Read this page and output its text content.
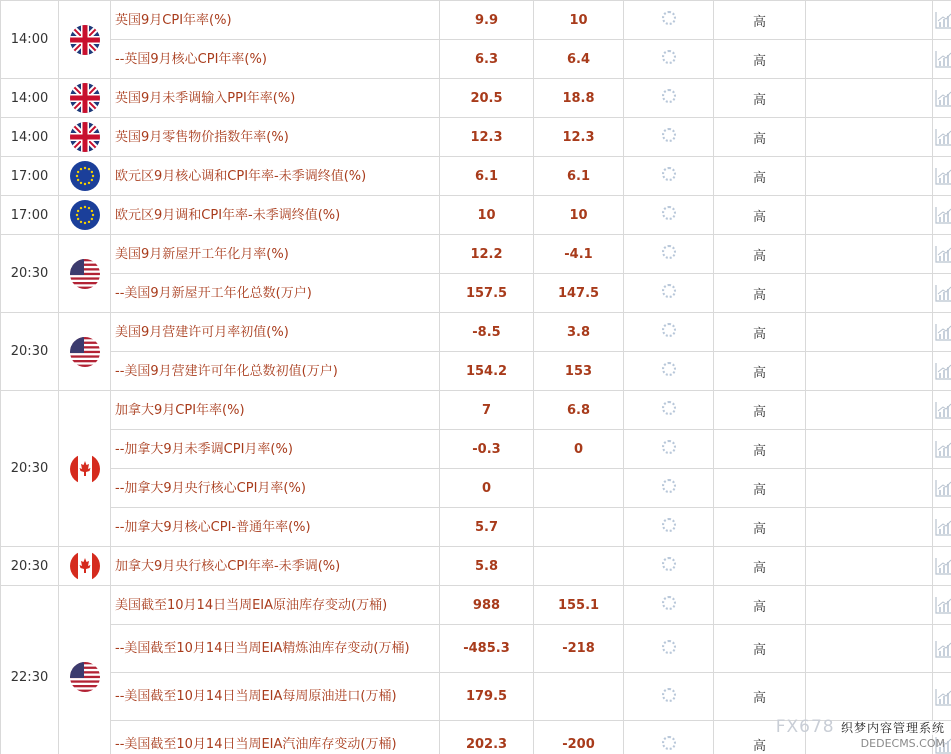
14:00		英国9月CPI年率(%)	9.9	10		高		

		--英国9月核心CPI年率(%)	6.3	6.4		高		

14:00		英国9月未季调输入PPI年率(%)	20.5	18.8		高		

14:00		英国9月零售物价指数年率(%)	12.3	12.3		高		

17:00		欧元区9月核心调和CPI年率-未季调终值(%)	6.1	6.1		高		

17:00		欧元区9月调和CPI年率-未季调终值(%)	10	10		高		

20:30		美国9月新屋开工年化月率(%)	12.2	-4.1		高		

		--美国9月新屋开工年化总数(万户)	157.5	147.5		高		

20:30		美国9月营建许可月率初值(%)	-8.5	3.8		高		

		--美国9月营建许可年化总数初值(万户)	154.2	153		高		

20:30		加拿大9月CPI年率(%)	7	6.8		高		

		--加拿大9月未季调CPI月率(%)	-0.3	0		高		

		--加拿大9月央行核心CPI月率(%)	0			高		

		--加拿大9月核心CPI-普通年率(%)	5.7			高		

20:30		加拿大9月央行核心CPI年率-未季调(%)	5.8			高		

22:30		美国截至10月14日当周EIA原油库存变动(万桶)	988	155.1		高		

		--美国截至10月14日当周EIA精炼油库存变动(万桶)	-485.3	-218		高		

		--美国截至10月14日当周EIA每周原油进口(万桶)	179.5			高		

		--美国截至10月14日当周EIA汽油库存变动(万桶)	202.3	-200		高		
FX678 织梦内容管理系统
DEDECMS.COM
